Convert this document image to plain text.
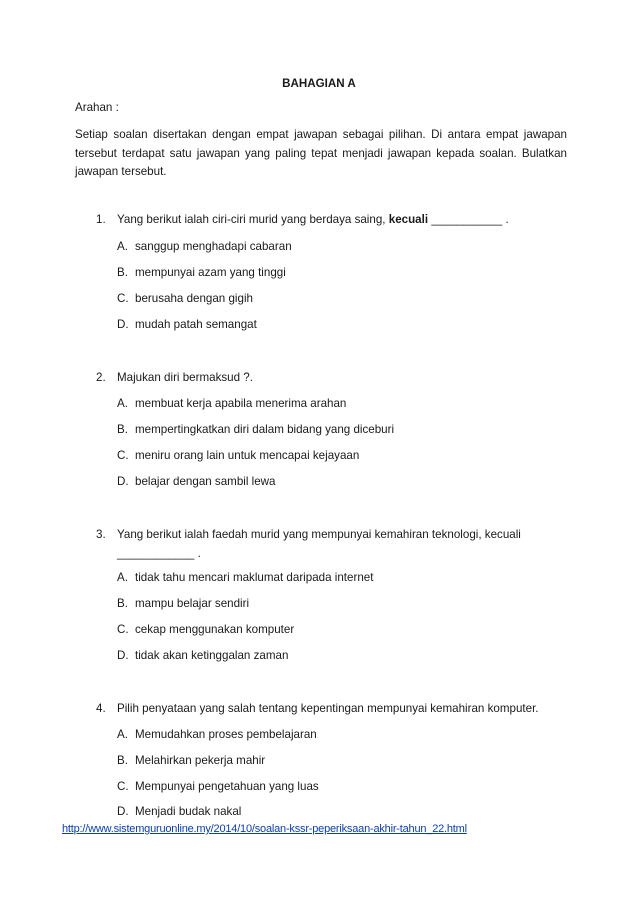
BAHAGIAN A
Arahan :
Setiap soalan disertakan dengan empat jawapan sebagai pilihan. Di antara empat jawapan tersebut terdapat satu jawapan yang paling tepat menjadi jawapan kepada soalan. Bulatkan jawapan tersebut.
1. Yang berikut ialah ciri-ciri murid yang berdaya saing, kecuali ___________ .
A. sanggup menghadapi cabaran
B. mempunyai azam yang tinggi
C. berusaha dengan gigih
D. mudah patah semangat
2. Majukan diri bermaksud ?.
A. membuat kerja apabila menerima arahan
B. mempertingkatkan diri dalam bidang yang diceburi
C. meniru orang lain untuk mencapai kejayaan
D. belajar dengan sambil lewa
3. Yang berikut ialah faedah murid yang mempunyai kemahiran teknologi, kecuali
____________ .
A. tidak tahu mencari maklumat daripada internet
B. mampu belajar sendiri
C. cekap menggunakan komputer
D. tidak akan ketinggalan zaman
4. Pilih penyataan yang salah tentang kepentingan mempunyai kemahiran komputer.
A. Memudahkan proses pembelajaran
B. Melahirkan pekerja mahir
C. Mempunyai pengetahuan yang luas
D. Menjadi budak nakal
http://www.sistemguruonline.my/2014/10/soalan-kssr-peperiksaan-akhir-tahun_22.html
